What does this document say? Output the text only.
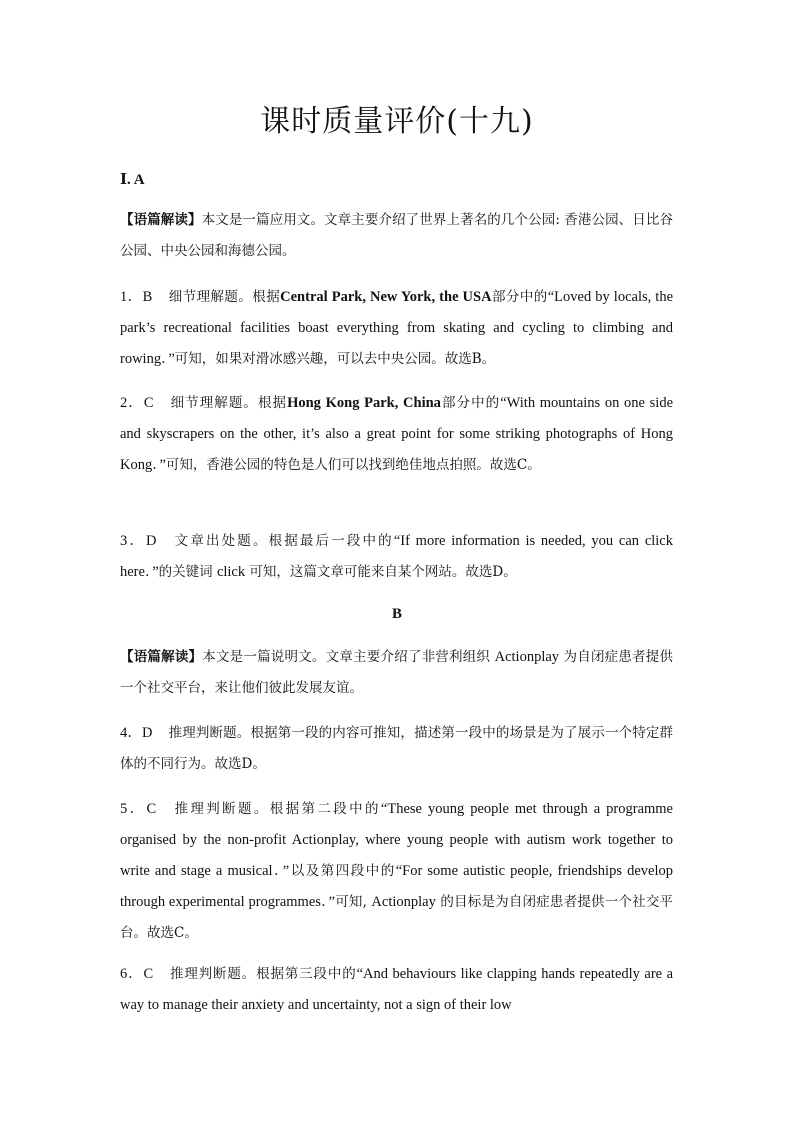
课时质量评价(十九)
Ⅰ. A
【语篇解读】本文是一篇应用文。文章主要介绍了世界上著名的几个公园: 香港公园、日比谷公园、中央公园和海德公园。
1．B 细节理解题。根据Central Park, New York, the USA部分中的“Loved by locals, the park’s recreational facilities boast everything from skating and cycling to climbing and rowing．”可知，如果对滑冰感兴趣，可以去中央公园。故选B。
2．C 细节理解题。根据Hong Kong Park, China部分中的“With mountains on one side and skyscrapers on the other, it’s also a great point for some striking photographs of Hong Kong．”可知，香港公园的特色是人们可以找到绝佳地点拍照。故选C。
3．D 文章出处题。根据最后一段中的“If more information is needed, you can click here．”的关键词 click 可知，这篇文章可能来自某个网站。故选D。
B
【语篇解读】本文是一篇说明文。文章主要介绍了非营利组织 Actionplay 为自闭症患者提供一个社交平台，来让他们彼此发展友谊。
4．D 推理判断题。根据第一段的内容可推知，描述第一段中的场景是为了展示一个特定群体的不同行为。故选D。
5．C 推理判断题。根据第二段中的“These young people met through a programme organised by the non-profit Actionplay, where young people with autism work together to write and stage a musical．”以及第四段中的“For some autistic people, friendships develop through experimental programmes．”可知, Actionplay 的目标是为自闭症患者提供一个社交平台。故选C。
6．C 推理判断题。根据第三段中的“And behaviours like clapping hands repeatedly are a way to manage their anxiety and uncertainty, not a sign of their low
